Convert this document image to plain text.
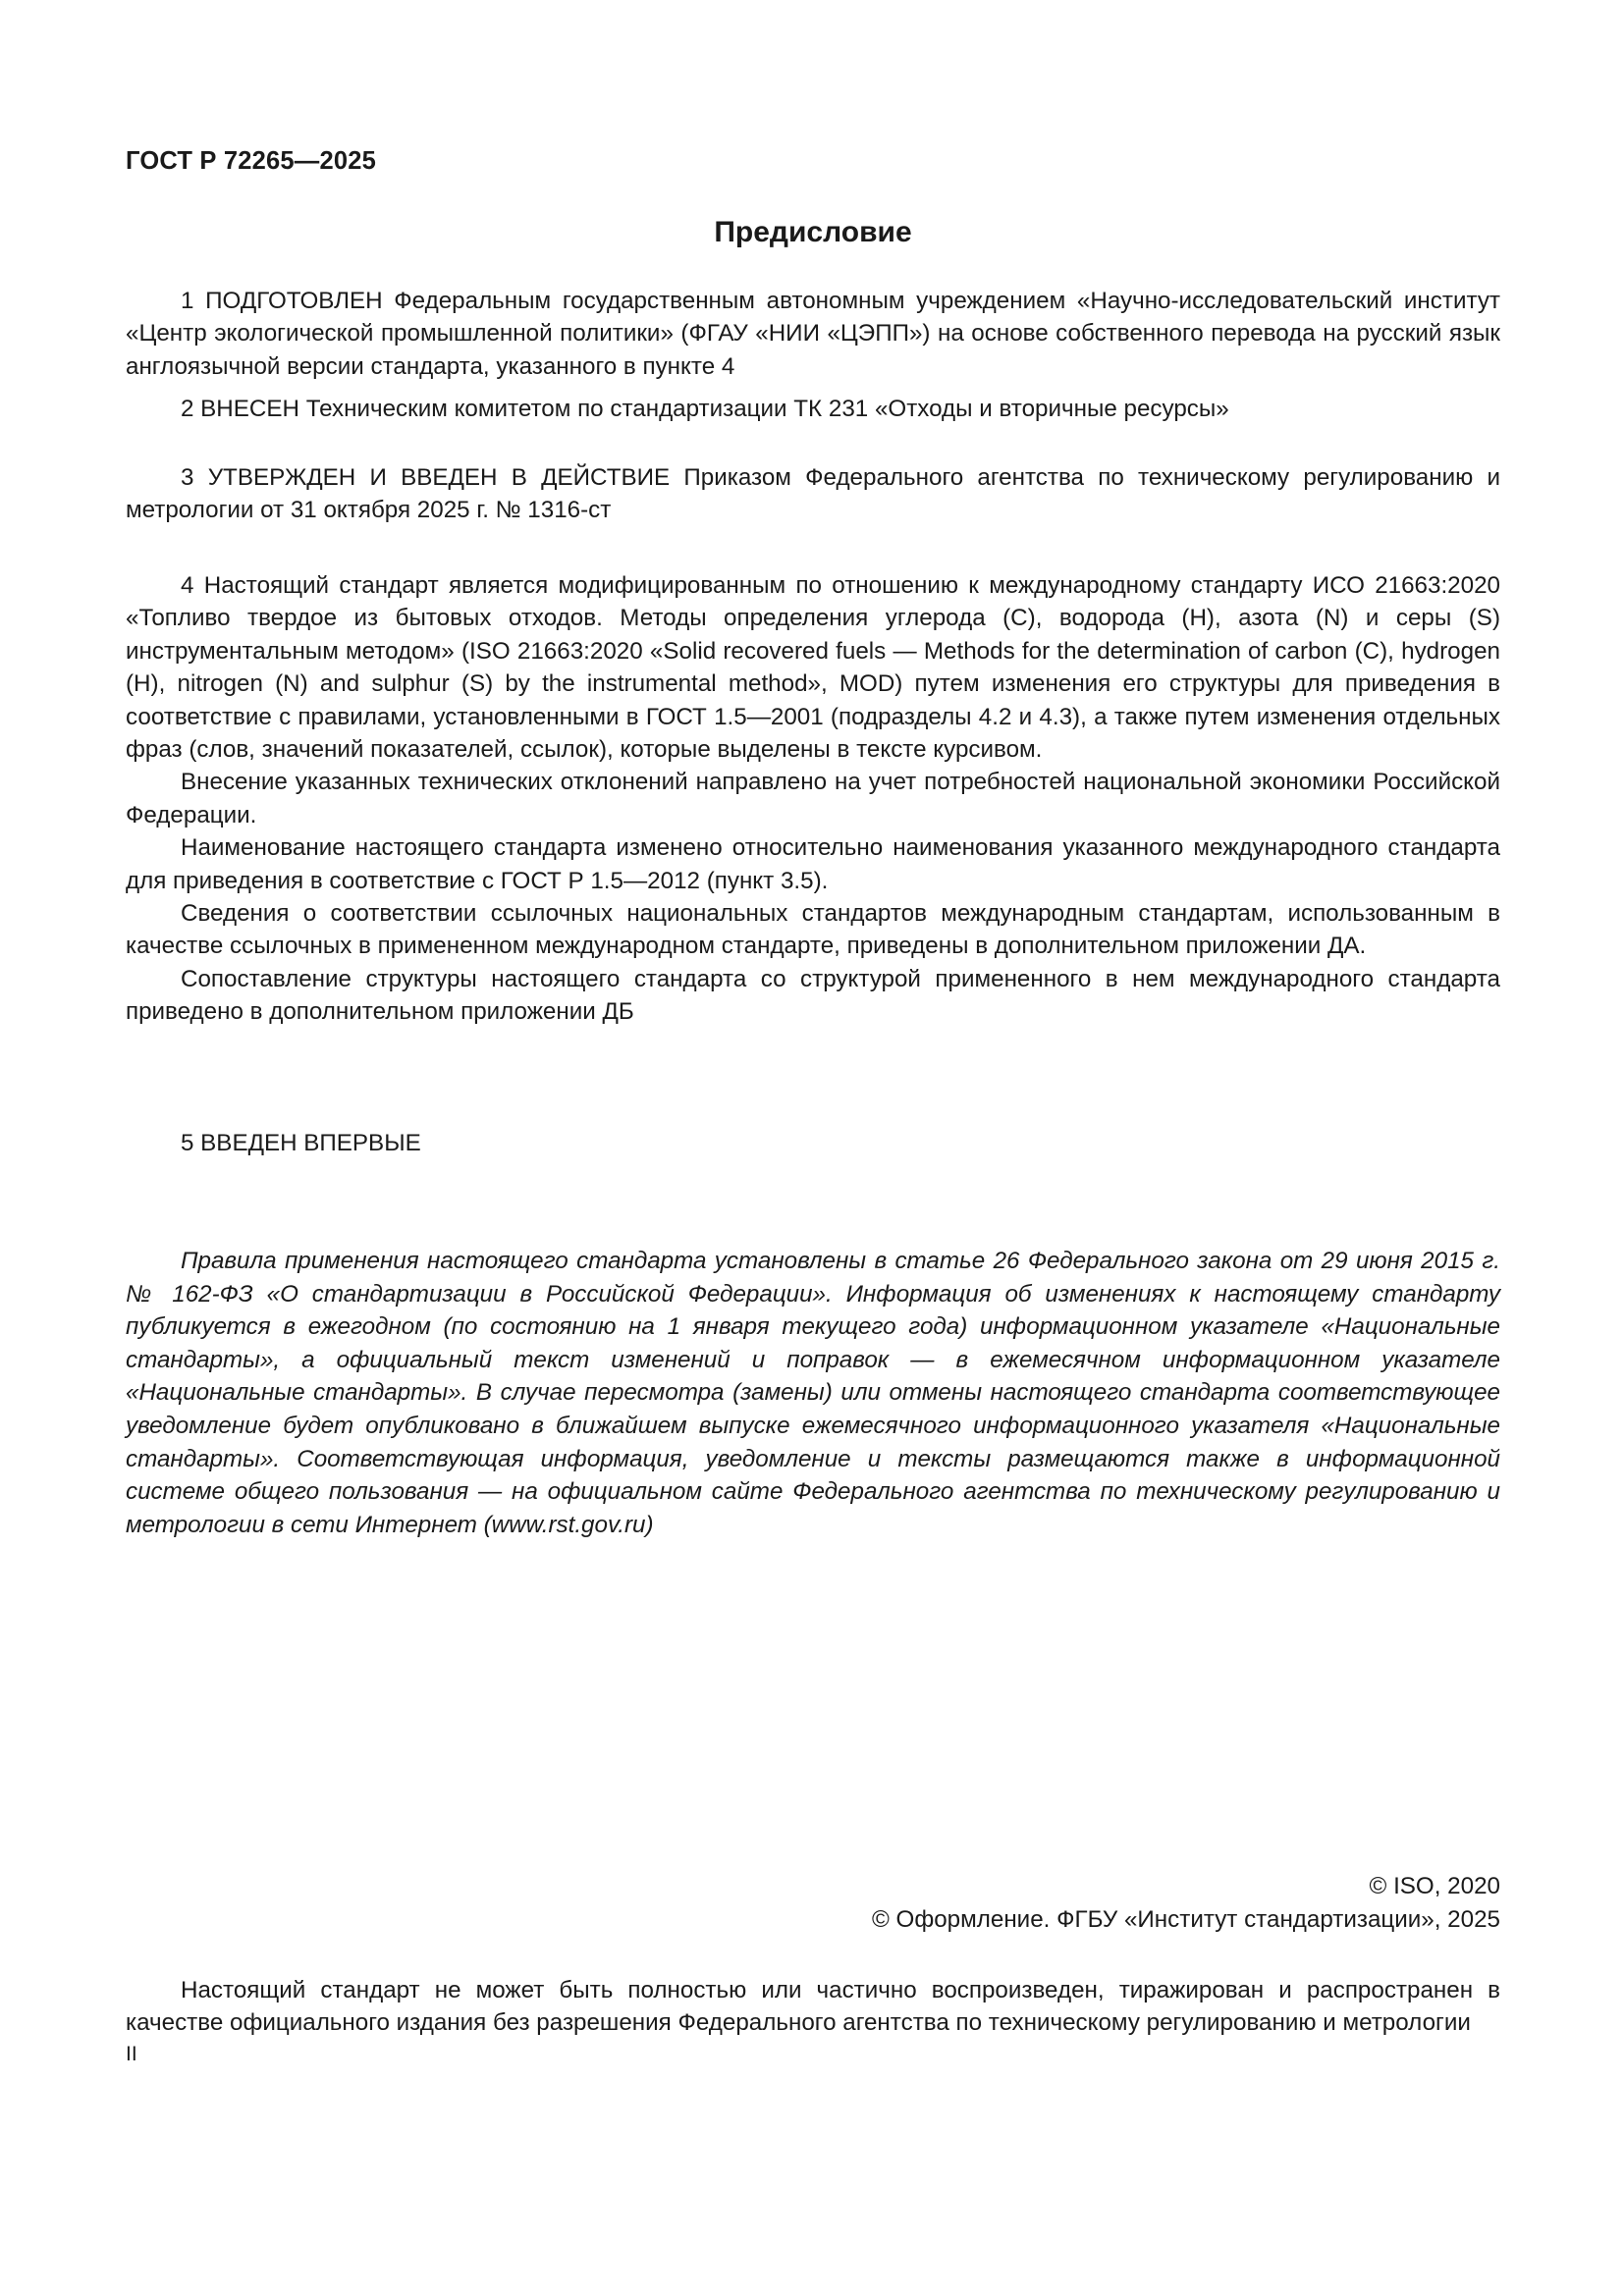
ГОСТ Р 72265—2025
Предисловие

1 ПОДГОТОВЛЕН Федеральным государственным автономным учреждением «Научно-исследовательский институт «Центр экологической промышленной политики» (ФГАУ «НИИ «ЦЭПП») на основе собственного перевода на русский язык англоязычной версии стандарта, указанного в пункте 4

2 ВНЕСЕН Техническим комитетом по стандартизации ТК 231 «Отходы и вторичные ресурсы»

3 УТВЕРЖДЕН И ВВЕДЕН В ДЕЙСТВИЕ Приказом Федерального агентства по техническому регулированию и метрологии от 31 октября 2025 г. № 1316-ст

4 Настоящий стандарт является модифицированным по отношению к международному стандарту ИСО 21663:2020 «Топливо твердое из бытовых отходов. Методы определения углерода (C), водорода (H), азота (N) и серы (S) инструментальным методом» (ISO 21663:2020 «Solid recovered fuels — Methods for the determination of carbon (C), hydrogen (H), nitrogen (N) and sulphur (S) by the instrumental method», MOD) путем изменения его структуры для приведения в соответствие с правилами, установленными в ГОСТ 1.5—2001 (подразделы 4.2 и 4.3), а также путем изменения отдельных фраз (слов, значений показателей, ссылок), которые выделены в тексте курсивом.

Внесение указанных технических отклонений направлено на учет потребностей национальной экономики Российской Федерации.

Наименование настоящего стандарта изменено относительно наименования указанного международного стандарта для приведения в соответствие с ГОСТ Р 1.5—2012 (пункт 3.5).

Сведения о соответствии ссылочных национальных стандартов международным стандартам, использованным в качестве ссылочных в примененном международном стандарте, приведены в дополнительном приложении ДА.

Сопоставление структуры настоящего стандарта со структурой примененного в нем международного стандарта приведено в дополнительном приложении ДБ

5 ВВЕДЕН ВПЕРВЫЕ

Правила применения настоящего стандарта установлены в статье 26 Федерального закона от 29 июня 2015 г. № 162-ФЗ «О стандартизации в Российской Федерации». Информация об изменениях к настоящему стандарту публикуется в ежегодном (по состоянию на 1 января текущего года) информационном указателе «Национальные стандарты», а официальный текст изменений и поправок — в ежемесячном информационном указателе «Национальные стандарты». В случае пересмотра (замены) или отмены настоящего стандарта соответствующее уведомление будет опубликовано в ближайшем выпуске ежемесячного информационного указателя «Национальные стандарты». Соответствующая информация, уведомление и тексты размещаются также в информационной системе общего пользования — на официальном сайте Федерального агентства по техническому регулированию и метрологии в сети Интернет (www.rst.gov.ru)

© ISO, 2020
© Оформление. ФГБУ «Институт стандартизации», 2025

Настоящий стандарт не может быть полностью или частично воспроизведен, тиражирован и распространен в качестве официального издания без разрешения Федерального агентства по техническому регулированию и метрологии

II
